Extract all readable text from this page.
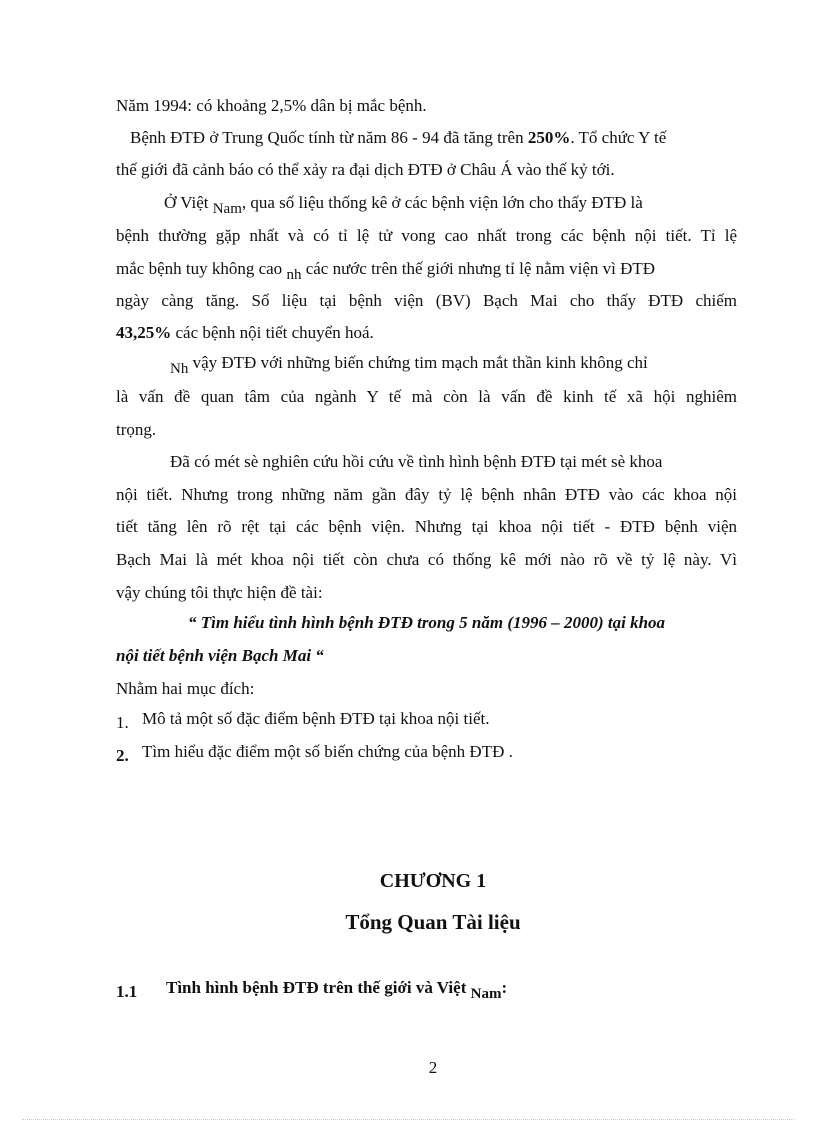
Năm 1994: có khoảng 2,5% dân bị mắc bệnh.
Bệnh ĐTĐ ở Trung Quốc tính từ năm 86 - 94 đã tăng trên 250%. Tổ chức Y tế
thế giới đã cảnh báo có thể xảy ra đại dịch ĐTĐ ở Châu Á vào thế kỷ tới.
Ở Việt Nam, qua số liệu thống kê ở các bệnh viện lớn cho thấy ĐTĐ là
bệnh thường gặp nhất và có tỉ lệ tử vong cao nhất trong các bệnh nội tiết. Tỉ lệ
mắc bệnh tuy không cao nh các nước trên thế giới nhưng tỉ lệ nằm viện vì ĐTĐ
ngày càng tăng. Số liệu tại bệnh viện (BV) Bạch Mai cho thấy ĐTĐ chiếm
43,25% các bệnh nội tiết chuyển hoá.
Nh vậy ĐTĐ với những biến chứng tim mạch mắt thần kinh không chỉ
là vấn đề quan tâm của ngành Y tế mà còn là vấn đề kinh tế xã hội nghiêm
trọng.
Đã có mét sè nghiên cứu hồi cứu về tình hình bệnh ĐTĐ tại mét sè khoa
nội tiết. Nhưng trong những năm gần đây tỷ lệ bệnh nhân ĐTĐ vào các khoa nội
tiết tăng lên rõ rệt tại các bệnh viện. Nhưng tại khoa nội tiết - ĐTĐ bệnh viện
Bạch Mai là mét khoa nội tiết còn chưa có thống kê mới nào rõ về tỷ lệ này. Vì
vậy chúng tôi thực hiện đề tài:
“ Tìm hiểu tình hình bệnh ĐTĐ trong 5 năm (1996 – 2000) tại khoa
nội tiết bệnh viện Bạch Mai “
Nhằm hai mục đích:
1. Mô tả một số đặc điểm bệnh ĐTĐ tại khoa nội tiết.
2. Tìm hiểu đặc điểm một số biến chứng của bệnh ĐTĐ .
CHƯƠNG 1
Tổng Quan Tài liệu
1.1 Tình hình bệnh ĐTĐ trên thế giới và Việt Nam:
2
